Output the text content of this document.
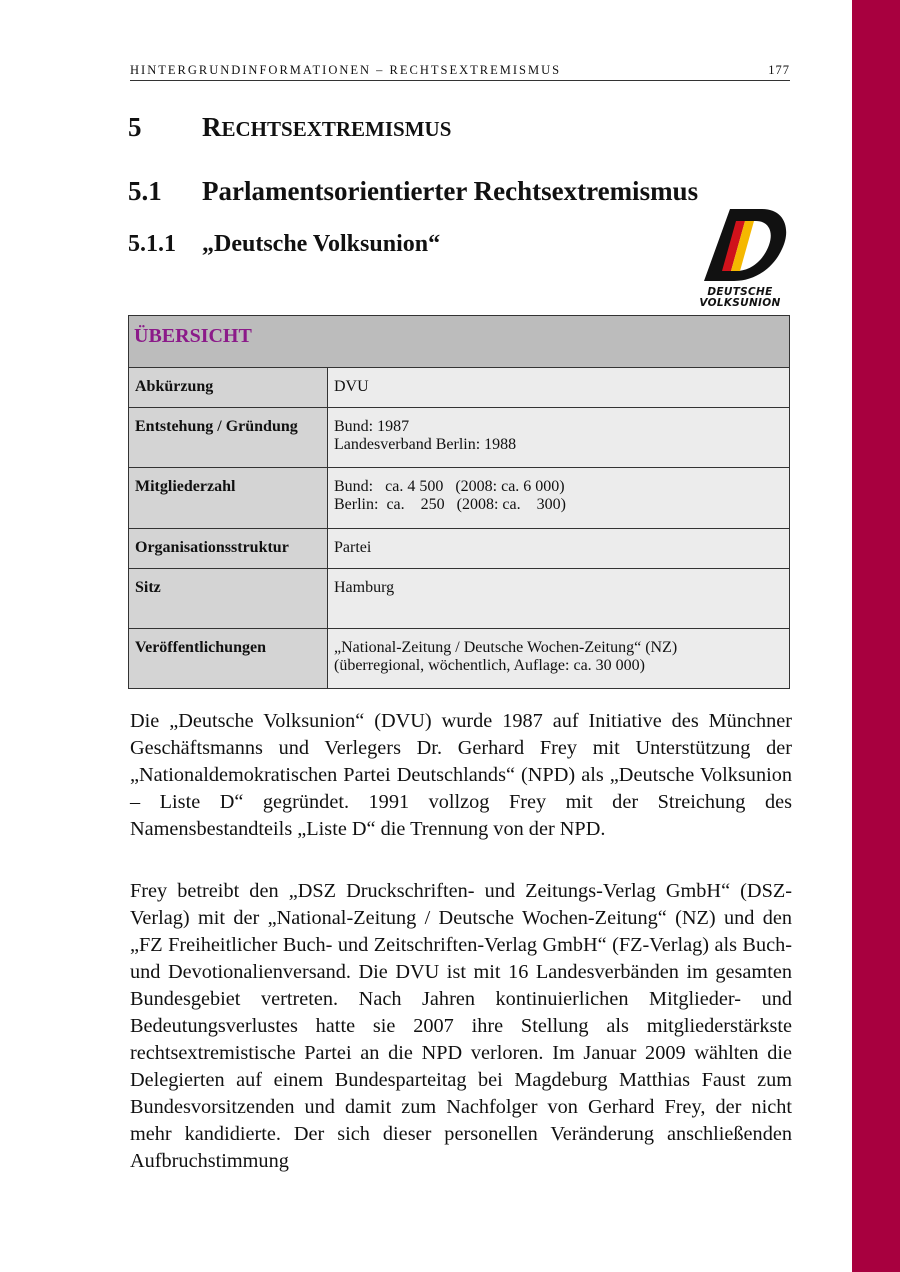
HINTERGRUNDINFORMATIONEN – RECHTSEXTREMISMUS	177
5 RECHTSEXTREMISMUS
5.1 Parlamentsorientierter Rechtsextremismus
5.1.1 „Deutsche Volksunion“
DEUTSCHE
VOLKSUNION
ÜBERSICHT	
Abkürzung	DVU

Entstehung / Gründung	Bund: 1987
Landesverband Berlin: 1988

Mitgliederzahl	Bund:   ca. 4 500   (2008: ca. 6 000)
Berlin:  ca.    250   (2008: ca.    300)

Organisationsstruktur	Partei

Sitz	Hamburg

Veröffentlichungen	„National-Zeitung / Deutsche Wochen-Zeitung“ (NZ)
(überregional, wöchentlich, Auflage: ca. 30 000)

Die „Deutsche Volksunion“ (DVU) wurde 1987 auf Initiative des Münchner Geschäftsmanns und Verlegers Dr. Gerhard Frey mit Unterstützung der „Nationaldemokratischen Partei Deutschlands“ (NPD) als „Deutsche Volksunion – Liste D“ gegründet. 1991 vollzog Frey mit der Streichung des Namensbestandteils „Liste D“ die Trennung von der NPD.

Frey betreibt den „DSZ Druckschriften- und Zeitungs-Verlag GmbH“ (DSZ-Verlag) mit der „National-Zeitung / Deutsche Wochen-Zeitung“ (NZ) und den „FZ Freiheitlicher Buch- und Zeitschriften-Verlag GmbH“ (FZ-Verlag) als Buch- und Devotionalienversand. Die DVU ist mit 16 Landesverbänden im gesamten Bundesgebiet vertreten. Nach Jahren kontinuierlichen Mitglieder- und Bedeutungsverlustes hatte sie 2007 ihre Stellung als mitgliederstärkste rechtsextremistische Partei an die NPD verloren. Im Januar 2009 wählten die Delegierten auf einem Bundesparteitag bei Magdeburg Matthias Faust zum Bundesvorsitzenden und damit zum Nachfolger von Gerhard Frey, der nicht mehr kandidierte. Der sich dieser personellen Veränderung anschließenden Aufbruchstimmung
